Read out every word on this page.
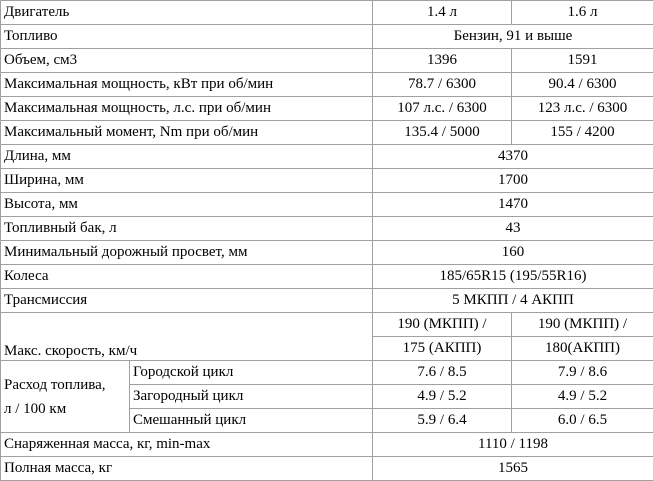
Двигатель		1.4 л	1.6 л
Топливо		Бензин, 91 и выше	
Объем, см3		1396	1591
Максимальная мощность, кВт при об/мин		78.7 / 6300	90.4 / 6300
Максимальная мощность, л.с. при об/мин		107 л.с. / 6300	123 л.с. / 6300
Максимальный момент, Nm при об/мин		135.4 / 5000	155 / 4200
Длина, мм		4370	
Ширина, мм		1700	
Высота, мм		1470	
Топливный бак, л		43	
Минимальный дорожный просвет, мм		160	
Колеса		185/65R15 (195/55R16)	
Трансмиссия		5 МКПП / 4 АКПП	
Макс. скорость, км/ч		190 (МКПП) /	190 (МКПП) /
		175 (АКПП)	180(АКПП)
Расход топлива,
л / 100 км	Городской цикл	7.6 / 8.5	7.9 / 8.6
	Загородный цикл	4.9 / 5.2	4.9 / 5.2
	Смешанный цикл	5.9 / 6.4	6.0 / 6.5
Снаряженная масса, кг, min-max		1110 / 1198	
Полная масса, кг		1565	
